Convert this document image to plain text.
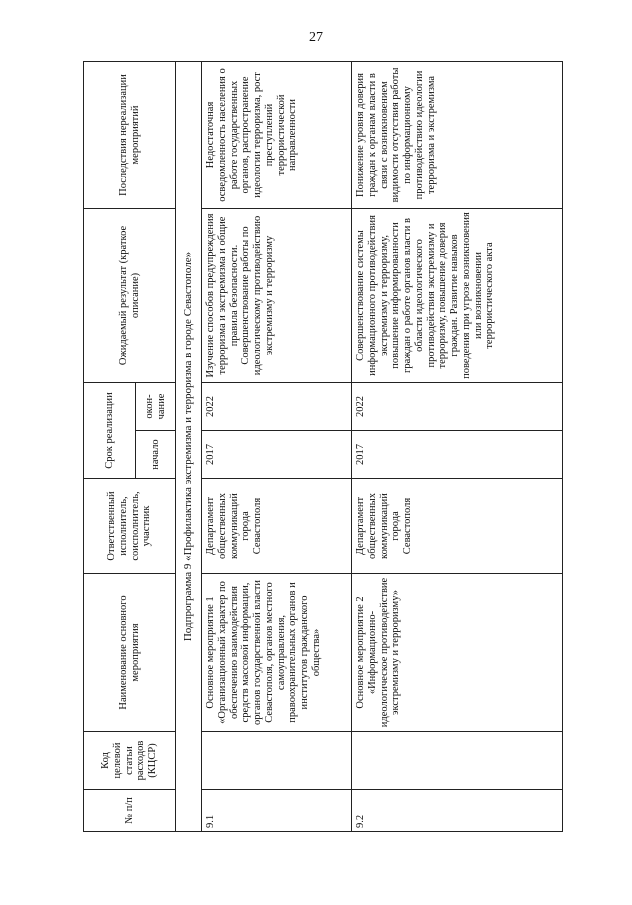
27
№ п/п	Код целевой статьи расходов (КЦСР)	Наименование основного мероприятия	Ответственный исполнитель, соисполнитель, участник	Срок реализации		Ожидаемый результат (краткое описание)	Последствия нереализации мероприятий
				начало	окон-чание		
Подпрограмма 9 «Профилактика экстремизма и терроризма в городе Севастополе»							
9.1		Основное мероприятие 1 «Организационный характер по обеспечению взаимодействия средств массовой информации, органов государственной власти Севастополя, органов местного самоуправления, правоохранительных органов и институтов гражданского общества»	Департамент общественных коммуникаций города Севастополя	2017	2022	Изучение способов предупреждения терроризма и экстремизма и общие правила безопасности. Совершенствование работы по идеологическому противодействию экстремизму и терроризму	Недостаточная осведомленность населения о работе государственных органов, распространение идеологии терроризма, рост преступлений террористической направленности
9.2		Основное мероприятие 2 «Информационно-идеологическое противодействие экстремизму и терроризму»	Департамент общественных коммуникаций города Севастополя	2017	2022	Совершенствование системы информационного противодействия экстремизму и терроризму, повышение информированности граждан о работе органов власти в области идеологического противодействия экстремизму и терроризму, повышение доверия граждан. Развитие навыков поведения при угрозе возникновения или возникновении террористического акта	Понижение уровня доверия граждан к органам власти в связи с возникновением видимости отсутствия работы по информационному противодействию идеологии терроризма и экстремизма
